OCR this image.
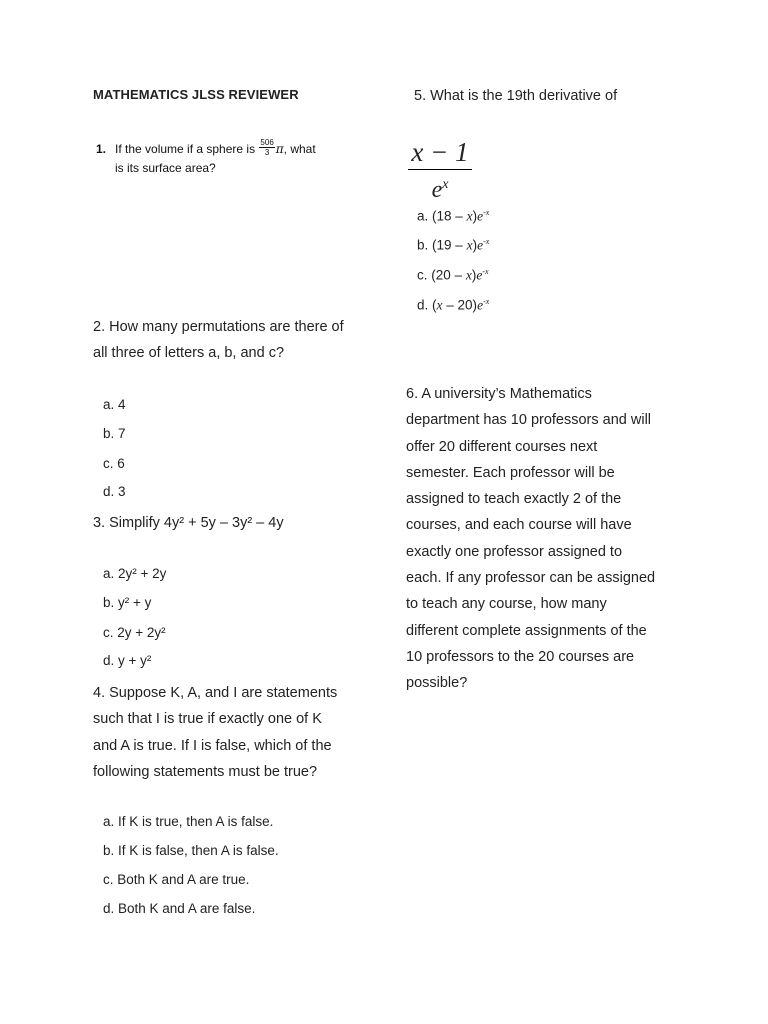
MATHEMATICS JLSS REVIEWER
1. If the volume if a sphere is $\frac{506}{3} \pi$, what
is its surface area?
2. How many permutations are there of
all three of letters a, b, and c?
a. 4
b. 7
c. 6
d. 3
3. Simplify 4y² + 5y – 3y² – 4y
a. 2y² + 2y
b. y² + y
c. 2y + 2y²
d. y + y²
4. Suppose K, A, and I are statements
such that I is true if exactly one of K
and A is true. If I is false, which of the
following statements must be true?
a. If K is true, then A is false.
b. If K is false, then A is false.
c. Both K and A are true.
d. Both K and A are false.
5. What is the 19th derivative of
$\frac{x - 1}{e^x}$
a. $(18 - x)e^{-x}$
b. $(19 - x)e^{-x}$
c. $(20 - x)e^{-x}$
d. $(x - 20)e^{-x}$
6. A university’s Mathematics
department has 10 professors and will
offer 20 different courses next
semester. Each professor will be
assigned to teach exactly 2 of the
courses, and each course will have
exactly one professor assigned to
each. If any professor can be assigned
to teach any course, how many
different complete assignments of the
10 professors to the 20 courses are
possible?
